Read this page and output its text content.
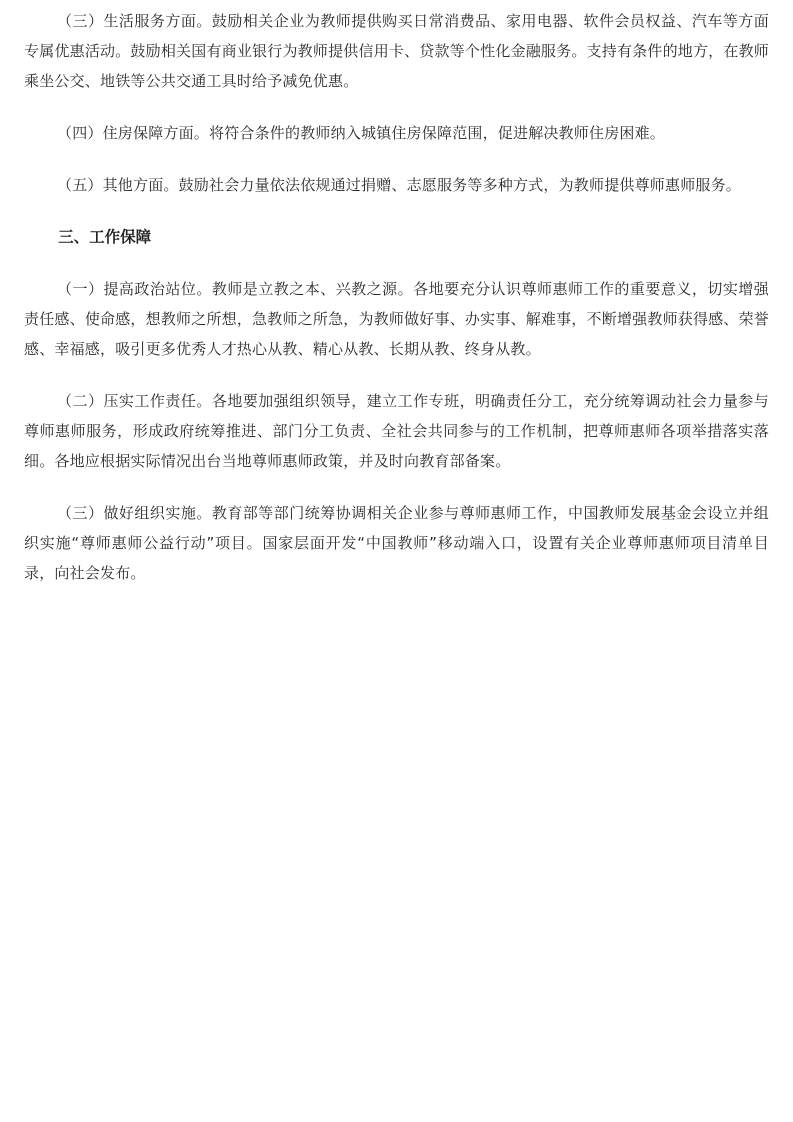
（三）生活服务方面。鼓励相关企业为教师提供购买日常消费品、家用电器、软件会员权益、汽车等方面专属优惠活动。鼓励相关国有商业银行为教师提供信用卡、贷款等个性化金融服务。支持有条件的地方，在教师乘坐公交、地铁等公共交通工具时给予减免优惠。

（四）住房保障方面。将符合条件的教师纳入城镇住房保障范围，促进解决教师住房困难。

（五）其他方面。鼓励社会力量依法依规通过捐赠、志愿服务等多种方式，为教师提供尊师惠师服务。

三、工作保障

（一）提高政治站位。教师是立教之本、兴教之源。各地要充分认识尊师惠师工作的重要意义，切实增强责任感、使命感，想教师之所想，急教师之所急，为教师做好事、办实事、解难事，不断增强教师获得感、荣誉感、幸福感，吸引更多优秀人才热心从教、精心从教、长期从教、终身从教。

（二）压实工作责任。各地要加强组织领导，建立工作专班，明确责任分工，充分统筹调动社会力量参与尊师惠师服务，形成政府统筹推进、部门分工负责、全社会共同参与的工作机制，把尊师惠师各项举措落实落细。各地应根据实际情况出台当地尊师惠师政策，并及时向教育部备案。

（三）做好组织实施。教育部等部门统筹协调相关企业参与尊师惠师工作，中国教师发展基金会设立并组织实施“尊师惠师公益行动”项目。国家层面开发“中国教师”移动端入口，设置有关企业尊师惠师项目清单目录，向社会发布。
